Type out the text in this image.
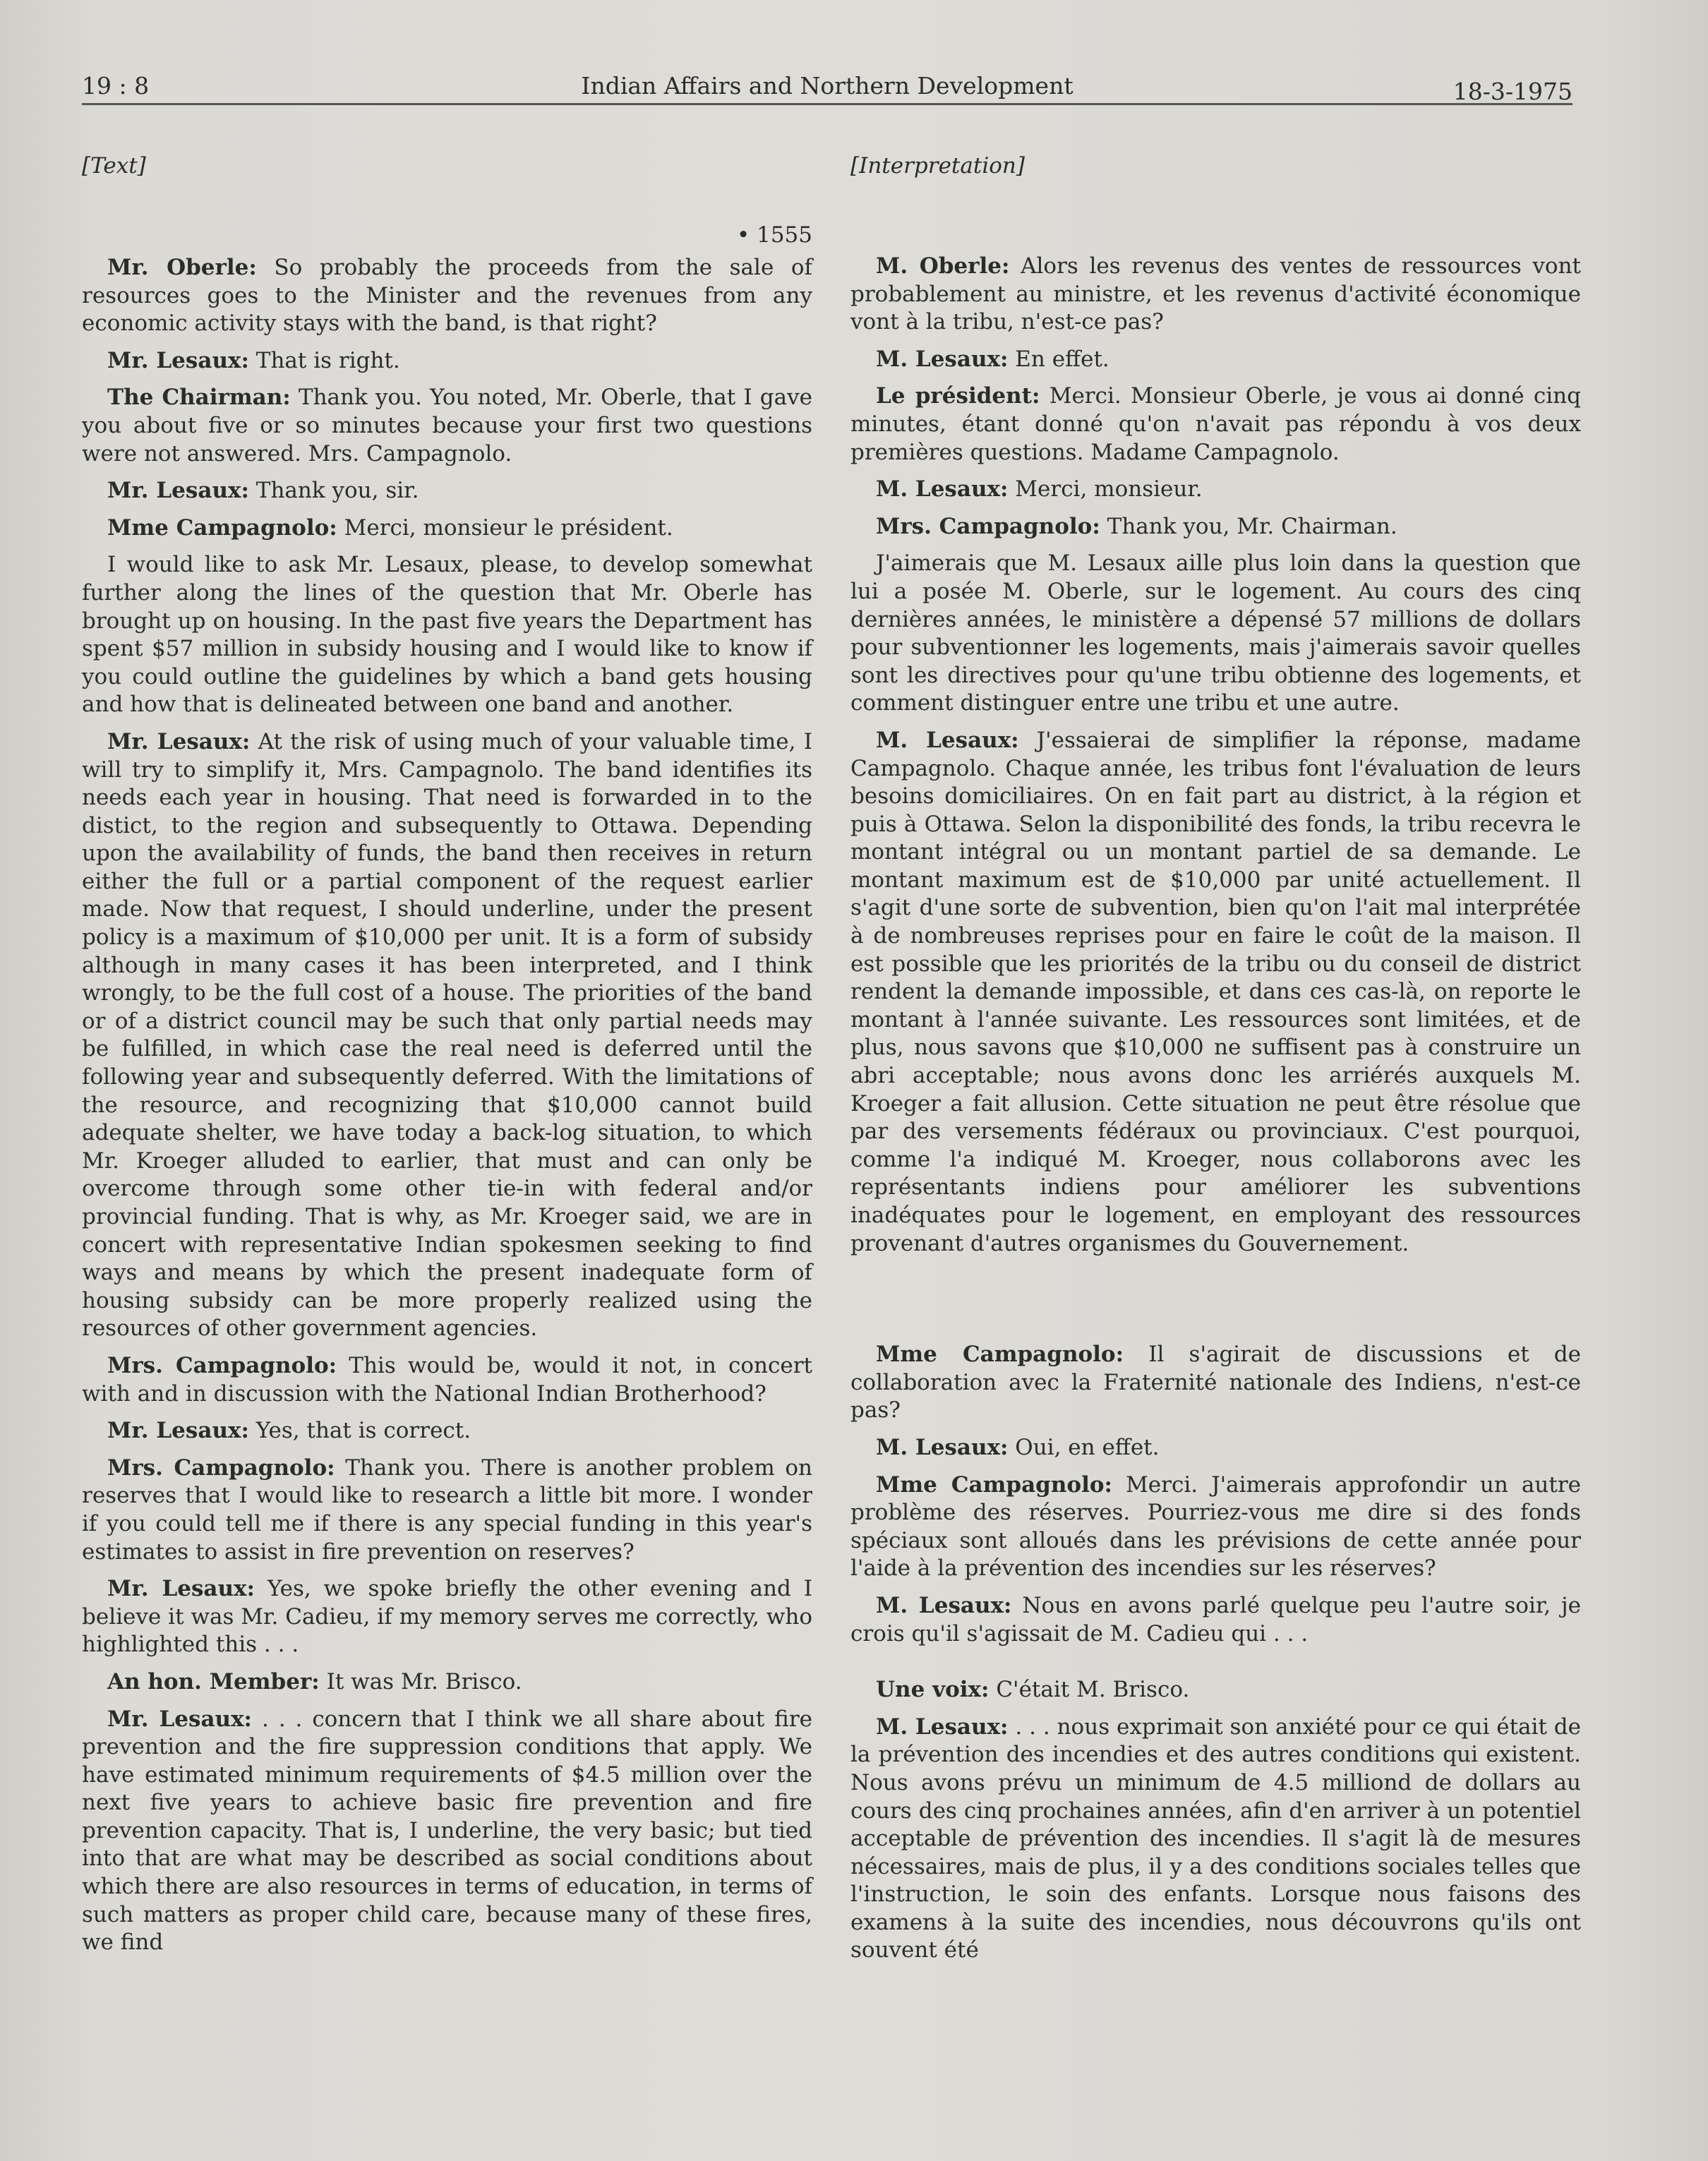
19 : 8	Indian Affairs and Northern Development	18-3-1975
[Text]
• 1555

Mr. Oberle: So probably the proceeds from the sale of resources goes to the Minister and the revenues from any economic activity stays with the band, is that right?

Mr. Lesaux: That is right.

The Chairman: Thank you. You noted, Mr. Oberle, that I gave you about five or so minutes because your first two questions were not answered. Mrs. Campagnolo.

Mr. Lesaux: Thank you, sir.

Mme Campagnolo: Merci, monsieur le président.

I would like to ask Mr. Lesaux, please, to develop somewhat further along the lines of the question that Mr. Oberle has brought up on housing. In the past five years the Department has spent $57 million in subsidy housing and I would like to know if you could outline the guidelines by which a band gets housing and how that is delineated between one band and another.

Mr. Lesaux: At the risk of using much of your valuable time, I will try to simplify it, Mrs. Campagnolo. The band identifies its needs each year in housing. That need is forwarded in to the distict, to the region and subsequently to Ottawa. Depending upon the availability of funds, the band then receives in return either the full or a partial component of the request earlier made. Now that request, I should underline, under the present policy is a maximum of $10,000 per unit. It is a form of subsidy although in many cases it has been interpreted, and I think wrongly, to be the full cost of a house. The priorities of the band or of a district council may be such that only partial needs may be fulfilled, in which case the real need is deferred until the following year and subsequently deferred. With the limitations of the resource, and recognizing that $10,000 cannot build adequate shelter, we have today a back-log situation, to which Mr. Kroeger alluded to earlier, that must and can only be overcome through some other tie-in with federal and/or provincial funding. That is why, as Mr. Kroeger said, we are in concert with representative Indian spokesmen seeking to find ways and means by which the present inadequate form of housing subsidy can be more properly realized using the resources of other government agencies.

Mrs. Campagnolo: This would be, would it not, in concert with and in discussion with the National Indian Brotherhood?

Mr. Lesaux: Yes, that is correct.

Mrs. Campagnolo: Thank you. There is another problem on reserves that I would like to research a little bit more. I wonder if you could tell me if there is any special funding in this year's estimates to assist in fire prevention on reserves?

Mr. Lesaux: Yes, we spoke briefly the other evening and I believe it was Mr. Cadieu, if my memory serves me correctly, who highlighted this . . .

An hon. Member: It was Mr. Brisco.

Mr. Lesaux: . . . concern that I think we all share about fire prevention and the fire suppression conditions that apply. We have estimated minimum requirements of $4.5 million over the next five years to achieve basic fire prevention and fire prevention capacity. That is, I underline, the very basic; but tied into that are what may be described as social conditions about which there are also resources in terms of education, in terms of such matters as proper child care, because many of these fires, we find

[Interpretation]

M. Oberle: Alors les revenus des ventes de ressources vont probablement au ministre, et les revenus d'activité économique vont à la tribu, n'est-ce pas?

M. Lesaux: En effet.

Le président: Merci. Monsieur Oberle, je vous ai donné cinq minutes, étant donné qu'on n'avait pas répondu à vos deux premières questions. Madame Campagnolo.

M. Lesaux: Merci, monsieur.

Mrs. Campagnolo: Thank you, Mr. Chairman.

J'aimerais que M. Lesaux aille plus loin dans la question que lui a posée M. Oberle, sur le logement. Au cours des cinq dernières années, le ministère a dépensé 57 millions de dollars pour subventionner les logements, mais j'aimerais savoir quelles sont les directives pour qu'une tribu obtienne des logements, et comment distinguer entre une tribu et une autre.

M. Lesaux: J'essaierai de simplifier la réponse, madame Campagnolo. Chaque année, les tribus font l'évaluation de leurs besoins domiciliaires. On en fait part au district, à la région et puis à Ottawa. Selon la disponibilité des fonds, la tribu recevra le montant intégral ou un montant partiel de sa demande. Le montant maximum est de $10,000 par unité actuellement. Il s'agit d'une sorte de subvention, bien qu'on l'ait mal interprétée à de nombreuses reprises pour en faire le coût de la maison. Il est possible que les priorités de la tribu ou du conseil de district rendent la demande impossible, et dans ces cas-là, on reporte le montant à l'année suivante. Les ressources sont limitées, et de plus, nous savons que $10,000 ne suffisent pas à construire un abri acceptable; nous avons donc les arriérés auxquels M. Kroeger a fait allusion. Cette situation ne peut être résolue que par des versements fédéraux ou provinciaux. C'est pourquoi, comme l'a indiqué M. Kroeger, nous collaborons avec les représentants indiens pour améliorer les subventions inadéquates pour le logement, en employant des ressources provenant d'autres organismes du Gouvernement.

Mme Campagnolo: Il s'agirait de discussions et de collaboration avec la Fraternité nationale des Indiens, n'est-ce pas?

M. Lesaux: Oui, en effet.

Mme Campagnolo: Merci. J'aimerais approfondir un autre problème des réserves. Pourriez-vous me dire si des fonds spéciaux sont alloués dans les prévisions de cette année pour l'aide à la prévention des incendies sur les réserves?

M. Lesaux: Nous en avons parlé quelque peu l'autre soir, je crois qu'il s'agissait de M. Cadieu qui . . .

Une voix: C'était M. Brisco.

M. Lesaux: . . . nous exprimait son anxiété pour ce qui était de la prévention des incendies et des autres conditions qui existent. Nous avons prévu un minimum de 4.5 milliond de dollars au cours des cinq prochaines années, afin d'en arriver à un potentiel acceptable de prévention des incendies. Il s'agit là de mesures nécessaires, mais de plus, il y a des conditions sociales telles que l'instruction, le soin des enfants. Lorsque nous faisons des examens à la suite des incendies, nous découvrons qu'ils ont souvent été
